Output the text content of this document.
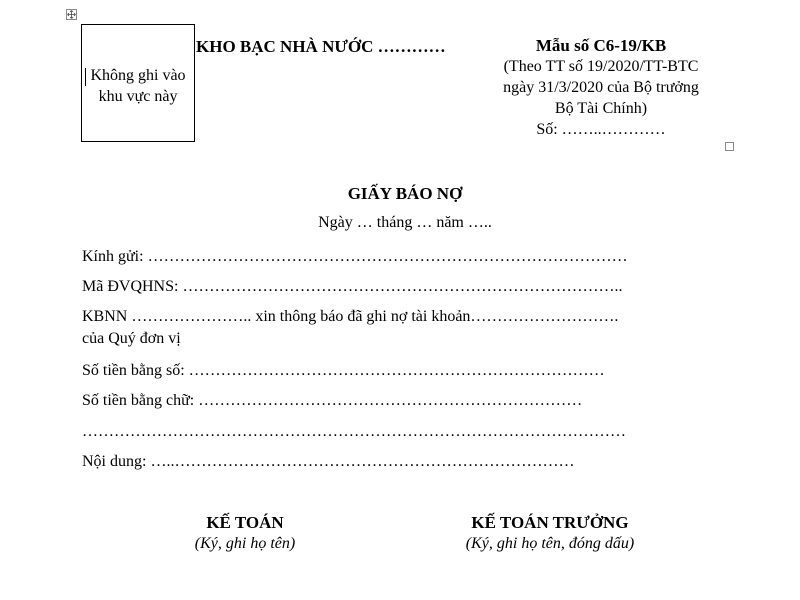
Không ghi vào khu vực này
KHO BẠC NHÀ NƯỚC …………	Mẫu số C6-19/KB
(Theo TT số 19/2020/TT-BTC
ngày 31/3/2020 của Bộ trưởng
Bộ Tài Chính)
Số: ……..…………
GIẤY BÁO NỢ
Ngày … tháng … năm …..
Kính gửi: ………………………………………………………………………………
Mã ĐVQHNS: ………………………………………………………………………..
KBNN ………………….. xin thông báo đã ghi nợ tài khoản……………………….
của Quý đơn vị
Số tiền bằng số: ……………………………………………………………………
Số tiền bằng chữ: ………………………………………………………………
…………………………………………………………………………………………
Nội dung: …..…………………………………………………………………
KẾ TOÁN
(Ký, ghi họ tên)
KẾ TOÁN TRƯỞNG
(Ký, ghi họ tên, đóng dấu)
